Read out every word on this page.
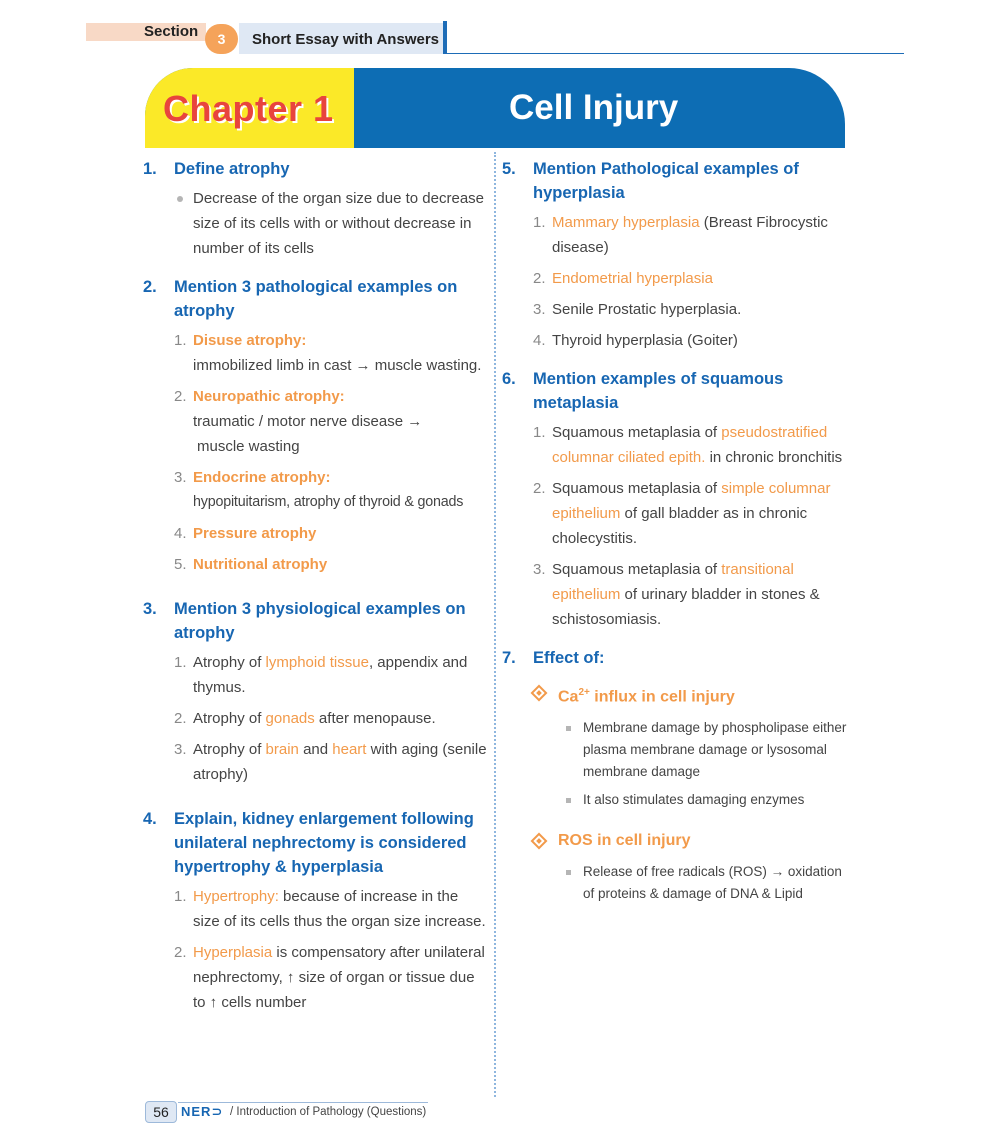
Section	3	Short Essay with Answers
Chapter 1	Cell Injury
1. Define atrophy
Decrease of the organ size due to decrease size of its cells with or without decrease in number of its cells
2. Mention 3 pathological examples on atrophy
1. Disuse atrophy:
immobilized limb in cast → muscle wasting.
2. Neuropathic atrophy:
traumatic / motor nerve disease →
muscle wasting
3. Endocrine atrophy:
hypopituitarism, atrophy of thyroid & gonads
4. Pressure atrophy
5. Nutritional atrophy
3. Mention 3 physiological examples on atrophy
1. Atrophy of lymphoid tissue, appendix and thymus.
2. Atrophy of gonads after menopause.
3. Atrophy of brain and heart with aging (senile atrophy)
4. Explain, kidney enlargement following unilateral nephrectomy is considered hypertrophy & hyperplasia
1. Hypertrophy: because of increase in the size of its cells thus the organ size increase.
2. Hyperplasia is compensatory after unilateral nephrectomy, ↑ size of organ or tissue due to ↑ cells number
5. Mention Pathological examples of hyperplasia
1. Mammary hyperplasia (Breast Fibrocystic disease)
2. Endometrial hyperplasia
3. Senile Prostatic hyperplasia.
4. Thyroid hyperplasia (Goiter)
6. Mention examples of squamous metaplasia
1. Squamous metaplasia of pseudostratified columnar ciliated epith. in chronic bronchitis
2. Squamous metaplasia of simple columnar epithelium of gall bladder as in chronic cholecystitis.
3. Squamous metaplasia of transitional epithelium of urinary bladder in stones & schistosomiasis.
7. Effect of:
$Ca^{2+}$ influx in cell injury
Membrane damage by phospholipase either plasma membrane damage or lysosomal membrane damage
It also stimulates damaging enzymes
ROS in cell injury
Release of free radicals (ROS) → oxidation of proteins & damage of DNA & Lipid
56 NER⊃ / Introduction of Pathology (Questions)
